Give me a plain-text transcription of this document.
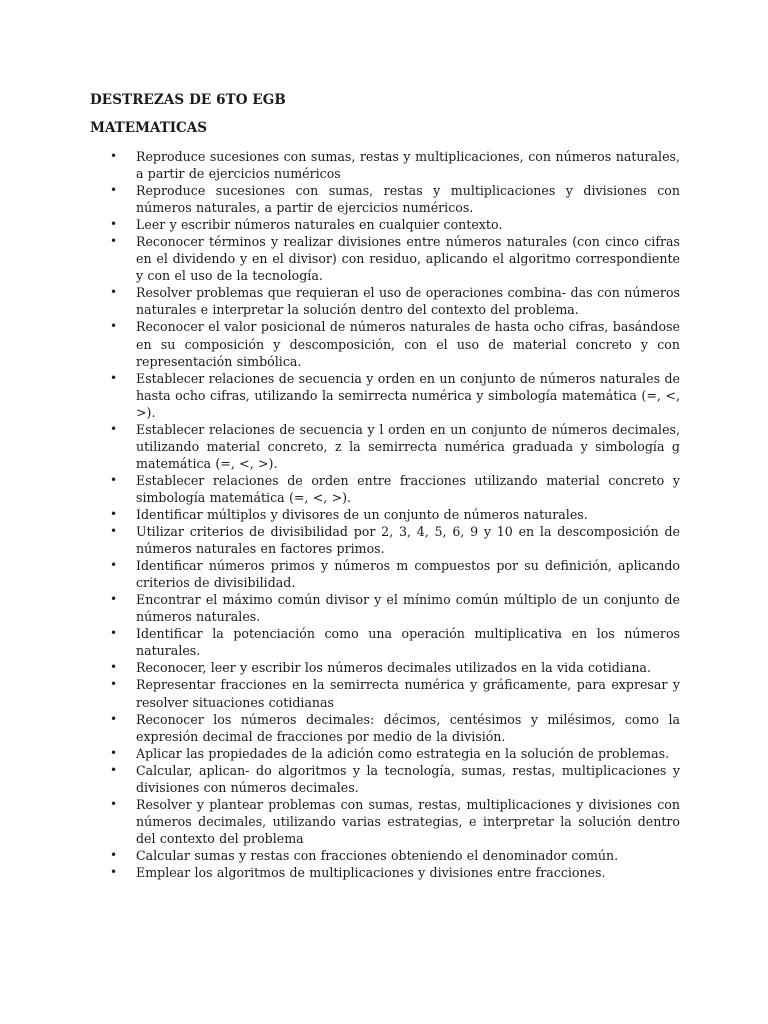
DESTREZAS DE 6TO EGB
MATEMATICAS
• Reproduce sucesiones con sumas, restas y multiplicaciones, con números naturales, a partir de ejercicios numéricos
• Reproduce sucesiones con sumas, restas y multiplicaciones y divisiones con números naturales, a partir de ejercicios numéricos.
• Leer y escribir números naturales en cualquier contexto.
• Reconocer términos y realizar divisiones entre números naturales (con cinco cifras en el dividendo y en el divisor) con residuo, aplicando el algoritmo correspondiente y con el uso de la tecnología.
• Resolver problemas que requieran el uso de operaciones combina- das con números naturales e interpretar la solución dentro del contexto del problema.
• Reconocer el valor posicional de números naturales de hasta ocho cifras, basándose en su composición y descomposición, con el uso de material concreto y con representación simbólica.
• Establecer relaciones de secuencia y orden en un conjunto de números naturales de hasta ocho cifras, utilizando la semirrecta numérica y simbología matemática (=, <, >).
• Establecer relaciones de secuencia y l orden en un conjunto de números decimales, utilizando material concreto, z la semirrecta numérica graduada y simbología g matemática (=, <, >).
• Establecer relaciones de orden entre fracciones utilizando material concreto y simbología matemática (=, <, >).
• Identificar múltiplos y divisores de un conjunto de números naturales.
• Utilizar criterios de divisibilidad por 2, 3, 4, 5, 6, 9 y 10 en la descomposición de números naturales en factores primos.
• Identificar números primos y números m compuestos por su definición, aplicando criterios de divisibilidad.
• Encontrar el máximo común divisor y el mínimo común múltiplo de un conjunto de números naturales.
• Identificar la potenciación como una operación multiplicativa en los números naturales.
• Reconocer, leer y escribir los números decimales utilizados en la vida cotidiana.
• Representar fracciones en la semirrecta numérica y gráficamente, para expresar y resolver situaciones cotidianas
• Reconocer los números decimales: décimos, centésimos y milésimos, como la expresión decimal de fracciones por medio de la división.
• Aplicar las propiedades de la adición como estrategia en la solución de problemas.
• Calcular, aplican- do algoritmos y la tecnología, sumas, restas, multiplicaciones y divisiones con números decimales.
• Resolver y plantear problemas con sumas, restas, multiplicaciones y divisiones con números decimales, utilizando varias estrategias, e interpretar la solución dentro del contexto del problema
• Calcular sumas y restas con fracciones obteniendo el denominador común.
• Emplear los algoritmos de multiplicaciones y divisiones entre fracciones.
